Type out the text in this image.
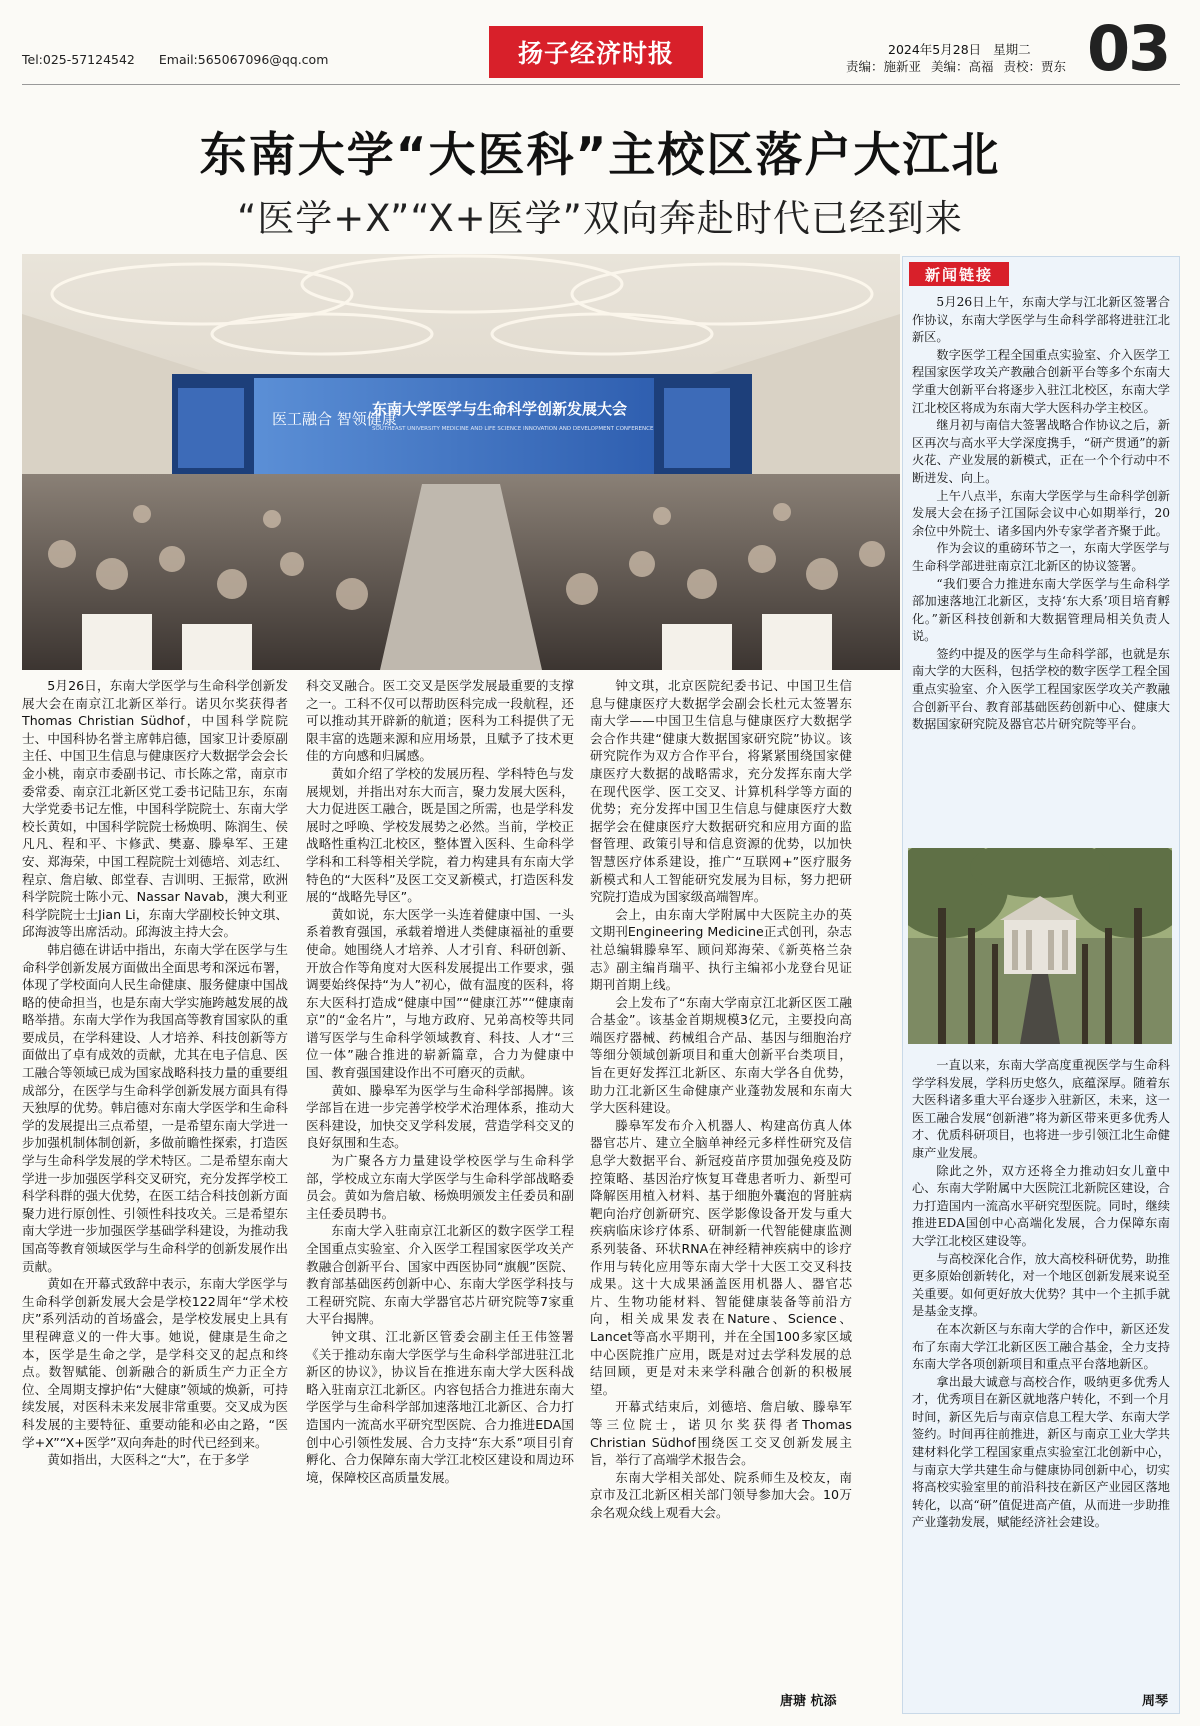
Tel:025-57124542 Email:565067096@qq.com	扬子经济时报	2024年5月28日 星期二
责编：施新亚 美编：高福 责校：贾东 03
东南大学“大医科”主校区落户大江北
“医学+X”“X+医学”双向奔赴时代已经到来
医工融合 智领健康
东南大学医学与生命科学创新发展大会
SOUTHEAST UNIVERSITY MEDICINE AND LIFE SCIENCE INNOVATION AND DEVELOPMENT CONFERENCE

5月26日，东南大学医学与生命科学创新发展大会在南京江北新区举行。诺贝尔奖获得者Thomas Christian Südhof，中国科学院院士、中国科协名誉主席韩启德，国家卫计委原副主任、中国卫生信息与健康医疗大数据学会会长金小桃，南京市委副书记、市长陈之常，南京市委常委、南京江北新区党工委书记陆卫东，东南大学党委书记左惟，中国科学院院士、东南大学校长黄如，中国科学院院士杨焕明、陈润生、侯凡凡、程和平、卞修武、樊嘉、滕皋军、王建安、郑海荣，中国工程院院士刘德培、刘志红、程京、詹启敏、郎堂春、吉训明、王振常，欧洲科学院院士陈小元、Nassar Navab，澳大利亚科学院院士士Jian Li，东南大学副校长钟文琪、邱海波等出席活动。邱海波主持大会。

韩启德在讲话中指出，东南大学在医学与生命科学创新发展方面做出全面思考和深远布署，体现了学校面向人民生命健康、服务健康中国战略的使命担当，也是东南大学实施跨越发展的战略举措。东南大学作为我国高等教育国家队的重要成员，在学科建设、人才培养、科技创新等方面做出了卓有成效的贡献，尤其在电子信息、医工融合等领域已成为国家战略科技力量的重要组成部分，在医学与生命科学创新发展方面具有得天独厚的优势。韩启德对东南大学医学和生命科学的发展提出三点希望，一是希望东南大学进一步加强机制体制创新，多做前瞻性探索，打造医学与生命科学发展的学术特区。二是希望东南大学进一步加强医学科交叉研究，充分发挥学校工科学科群的强大优势，在医工结合科技创新方面聚力进行原创性、引领性科技攻关。三是希望东南大学进一步加强医学基础学科建设，为推动我国高等教育领域医学与生命科学的创新发展作出贡献。

黄如在开幕式致辞中表示，东南大学医学与生命科学创新发展大会是学校122周年“学术校庆”系列活动的首场盛会，是学校发展史上具有里程碑意义的一件大事。她说，健康是生命之本，医学是生命之学，是学科交叉的起点和终点。数智赋能、创新融合的新质生产力正全方位、全周期支撑护佑“大健康”领域的焕新，可持续发展，对医科未来发展非常重要。交叉成为医科发展的主要特征、重要动能和必由之路，“医学+X”“X+医学”双向奔赴的时代已经到来。

黄如指出，大医科之“大”，在于多学

科交叉融合。医工交叉是医学发展最重要的支撑之一。工科不仅可以帮助医科完成一段航程，还可以推动其开辟新的航道；医科为工科提供了无限丰富的选题来源和应用场景，且赋予了技术更佳的方向感和归属感。

黄如介绍了学校的发展历程、学科特色与发展规划，并指出对东大而言，聚力发展大医科，大力促进医工融合，既是国之所需，也是学科发展时之呼唤、学校发展势之必然。当前，学校正战略性重构江北校区，整体置入医科、生命科学学科和工科等相关学院，着力构建具有东南大学特色的“大医科”及医工交叉新模式，打造医科发展的“战略先导区”。

黄如说，东大医学一头连着健康中国、一头系着教育强国，承载着增进人类健康福祉的重要使命。她围绕人才培养、人才引育、科研创新、开放合作等角度对大医科发展提出工作要求，强调要始终保持“为人”初心，做有温度的医科，将东大医科打造成“健康中国”“健康江苏”“健康南京”的“金名片”，与地方政府、兄弟高校等共同谱写医学与生命科学领域教育、科技、人才“三位一体”融合推进的崭新篇章，合力为健康中国、教育强国建设作出不可磨灭的贡献。

黄如、滕皋军为医学与生命科学部揭牌。该学部旨在进一步完善学校学术治理体系，推动大医科建设，加快交叉学科发展，营造学科交叉的良好氛围和生态。

为广聚各方力量建设学校医学与生命科学部，学校成立东南大学医学与生命科学部战略委员会。黄如为詹启敏、杨焕明颁发主任委员和副主任委员聘书。

东南大学入驻南京江北新区的数字医学工程全国重点实验室、介入医学工程国家医学攻关产教融合创新平台、国家中西医协同“旗舰”医院、教育部基础医药创新中心、东南大学医学科技与工程研究院、东南大学器官芯片研究院等7家重大平台揭牌。

钟文琪、江北新区管委会副主任王伟签署《关于推动东南大学医学与生命科学部进驻江北新区的协议》，协议旨在推进东南大学大医科战略入驻南京江北新区。内容包括合力推进东南大学医学与生命科学部加速落地江北新区、合力打造国内一流高水平研究型医院、合力推进EDA国创中心引领性发展、合力支持“东大系”项目引育孵化、合力保障东南大学江北校区建设和周边环境，保障校区高质量发展。

钟文琪，北京医院纪委书记、中国卫生信息与健康医疗大数据学会副会长杜元太签署东南大学——中国卫生信息与健康医疗大数据学会合作共建“健康大数据国家研究院”协议。该研究院作为双方合作平台，将紧紧围绕国家健康医疗大数据的战略需求，充分发挥东南大学在现代医学、医工交叉、计算机科学等方面的优势；充分发挥中国卫生信息与健康医疗大数据学会在健康医疗大数据研究和应用方面的监督管理、政策引导和信息资源的优势，以加快智慧医疗体系建设，推广“互联网+”医疗服务新模式和人工智能研究发展为目标，努力把研究院打造成为国家级高端智库。

会上，由东南大学附属中大医院主办的英文期刊Engineering Medicine正式创刊，杂志社总编辑滕皋军、顾问郑海荣、《新英格兰杂志》副主编肖瑞平、执行主编祁小龙登台见证期刊首期上线。

会上发布了“东南大学南京江北新区医工融合基金”。该基金首期规模3亿元，主要投向高端医疗器械、药械组合产品、基因与细胞治疗等细分领域创新项目和重大创新平台类项目，旨在更好发挥江北新区、东南大学各自优势，助力江北新区生命健康产业蓬勃发展和东南大学大医科建设。

滕皋军发布介入机器人、构建高仿真人体器官芯片、建立全脑单神经元多样性研究及信息学大数据平台、新冠疫苗序贯加强免疫及防控策略、基因治疗恢复耳聋患者听力、新型可降解医用植入材料、基于细胞外囊泡的肾脏病靶向治疗创新研究、医学影像设备开发与重大疾病临床诊疗体系、研制新一代智能健康监测系列装备、环状RNA在神经精神疾病中的诊疗作用与转化应用等东南大学十大医工交叉科技成果。这十大成果涵盖医用机器人、器官芯片、生物功能材料、智能健康装备等前沿方向，相关成果发表在Nature、Science、Lancet等高水平期刊，并在全国100多家区域中心医院推广应用，既是对过去学科发展的总结回顾，更是对未来学科融合创新的积极展望。

开幕式结束后，刘德培、詹启敏、滕皋军等三位院士，诺贝尔奖获得者Thomas Christian Südhof围绕医工交叉创新发展主旨，举行了高端学术报告会。

东南大学相关部处、院系师生及校友，南京市及江北新区相关部门领导参加大会。10万余名观众线上观看大会。

唐瑭 杭添
新闻链接

5月26日上午，东南大学与江北新区签署合作协议，东南大学医学与生命科学部将进驻江北新区。

数字医学工程全国重点实验室、介入医学工程国家医学攻关产教融合创新平台等多个东南大学重大创新平台将逐步入驻江北校区，东南大学江北校区将成为东南大学大医科办学主校区。

继月初与南信大签署战略合作协议之后，新区再次与高水平大学深度携手，“研产贯通”的新火花、产业发展的新模式，正在一个个行动中不断迸发、向上。

上午八点半，东南大学医学与生命科学创新发展大会在扬子江国际会议中心如期举行，20余位中外院士、诸多国内外专家学者齐聚于此。

作为会议的重磅环节之一，东南大学医学与生命科学部进驻南京江北新区的协议签署。

“我们要合力推进东南大学医学与生命科学部加速落地江北新区，支持‘东大系’项目培育孵化。”新区科技创新和大数据管理局相关负责人说。

签约中提及的医学与生命科学部，也就是东南大学的大医科，包括学校的数字医学工程全国重点实验室、介入医学工程国家医学攻关产教融合创新平台、教育部基础医药创新中心、健康大数据国家研究院及器官芯片研究院等平台。

一直以来，东南大学高度重视医学与生命科学学科发展，学科历史悠久，底蕴深厚。随着东大医科诸多重大平台逐步入驻新区，未来，这一医工融合发展“创新港”将为新区带来更多优秀人才、优质科研项目，也将进一步引领江北生命健康产业发展。

除此之外，双方还将全力推动妇女儿童中心、东南大学附属中大医院江北新院区建设，合力打造国内一流高水平研究型医院。同时，继续推进EDA国创中心高端化发展，合力保障东南大学江北校区建设等。

与高校深化合作，放大高校科研优势，助推更多原始创新转化，对一个地区创新发展来说至关重要。如何更好放大优势？其中一个主抓手就是基金支撑。

在本次新区与东南大学的合作中，新区还发布了东南大学江北新区医工融合基金，全力支持东南大学各项创新项目和重点平台落地新区。

拿出最大诚意与高校合作，吸纳更多优秀人才，优秀项目在新区就地落户转化，不到一个月时间，新区先后与南京信息工程大学、东南大学签约。时间再往前推进，新区与南京工业大学共建材料化学工程国家重点实验室江北创新中心，与南京大学共建生命与健康协同创新中心，切实将高校实验室里的前沿科技在新区产业园区落地转化，以高“研”值促进高产值，从而进一步助推产业蓬勃发展，赋能经济社会建设。

周琴
